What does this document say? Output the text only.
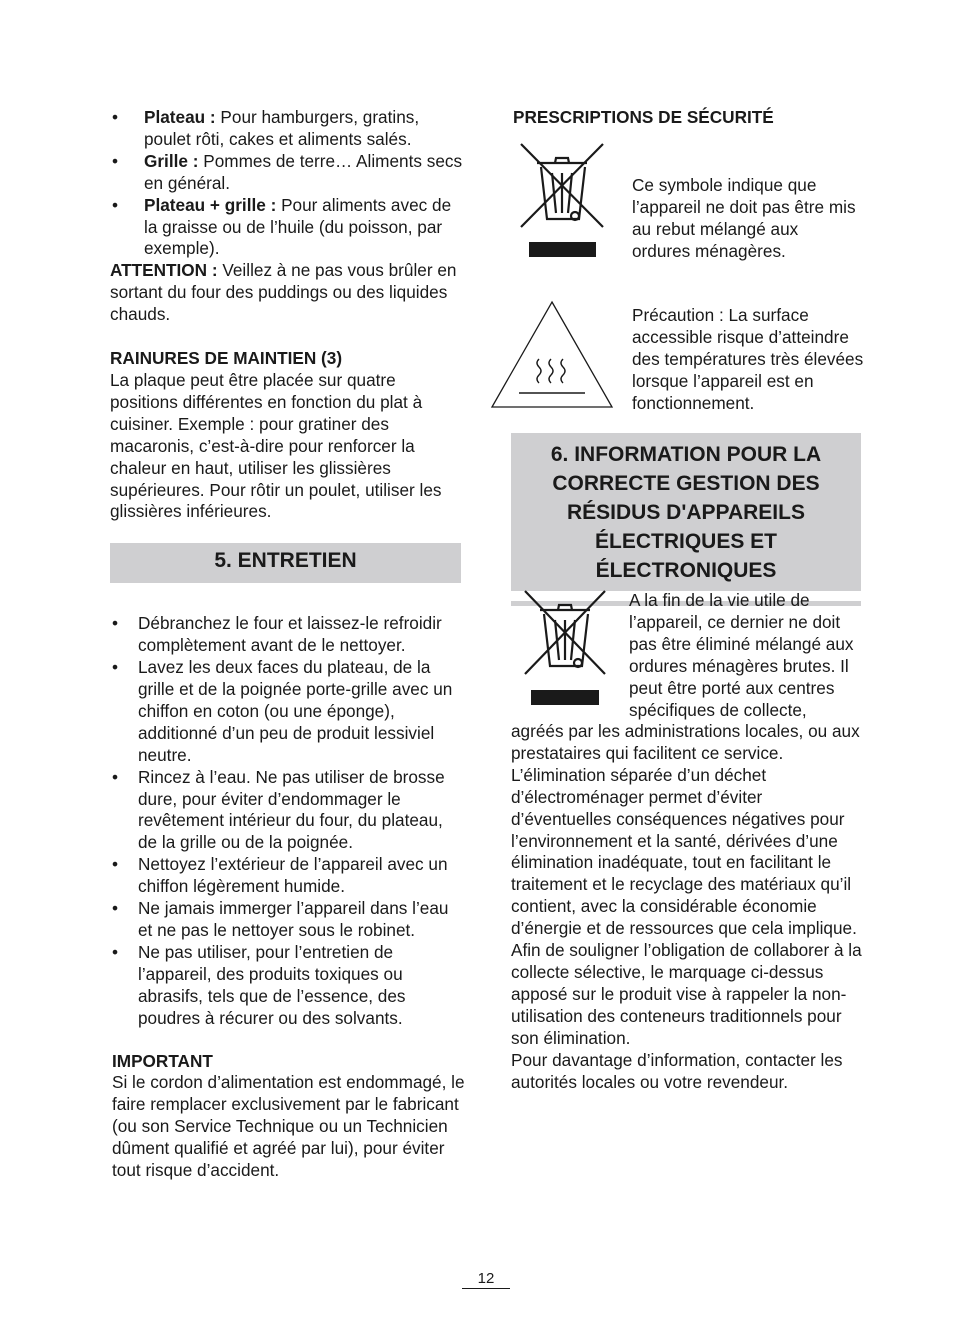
• Plateau : Pour hamburgers, gratins, poulet rôti, cakes et aliments salés.
• Grille : Pommes de terre… Aliments secs en général.
• Plateau + grille : Pour aliments avec de la graisse ou de l’huile (du poisson, par exemple).

ATTENTION : Veillez à ne pas vous brûler en sortant du four des puddings ou des liquides chauds.

RAINURES DE MAINTIEN (3)

La plaque peut être placée sur quatre positions différentes en fonction du plat à cuisiner. Exemple : pour gratiner des macaronis, c’est-à-dire pour renforcer la chaleur en haut, utiliser les glissières supérieures. Pour rôtir un poulet, utiliser les glissières inférieures.

5. ENTRETIEN
• Débranchez le four et laissez-le refroidir complètement avant de le nettoyer.
• Lavez les deux faces du plateau, de la grille et de la poignée porte-grille avec un chiffon en coton (ou une éponge), additionné d’un peu de produit lessiviel neutre.
• Rincez à l’eau. Ne pas utiliser de brosse dure, pour éviter d’endommager le revêtement intérieur du four, du plateau, de la grille ou de la poignée.
• Nettoyez l’extérieur de l’appareil avec un chiffon légèrement humide.
• Ne jamais immerger l’appareil dans l’eau et ne pas le nettoyer sous le robinet.
• Ne pas utiliser, pour l’entretien de l’appareil, des produits toxiques ou abrasifs, tels que de l’essence, des poudres à récurer ou des solvants.

IMPORTANT

Si le cordon d’alimentation est endommagé, le faire remplacer exclusivement par le fabricant (ou son Service Technique ou un Technicien dûment qualifié et agréé par lui), pour éviter tout risque d’accident.

PRESCRIPTIONS DE SÉCURITÉ

Ce symbole indique que l’appareil ne doit pas être mis au rebut mélangé aux ordures ménagères.

Précaution : La surface accessible risque d’atteindre des températures très élevées lorsque l’appareil est en fonctionnement.

6. INFORMATION POUR LA CORRECTE GESTION DES RÉSIDUS D'APPAREILS ÉLECTRIQUES ET ÉLECTRONIQUES

A la fin de la vie utile de l’appareil, ce dernier ne doit pas être éliminé mélangé aux ordures ménagères brutes. Il peut être porté aux centres spécifiques de collecte,

agréés par les administrations locales, ou aux prestataires qui facilitent ce service. L’élimination séparée d’un déchet d’électroménager permet d’éviter d’éventuelles conséquences négatives pour l’environnement et la santé, dérivées d’une élimination inadéquate, tout en facilitant le traitement et le recyclage des matériaux qu’il contient, avec la considérable économie d’énergie et de ressources que cela implique.

Afin de souligner l’obligation de collaborer à la collecte sélective, le marquage ci-dessus apposé sur le produit vise à rappeler la non-utilisation des conteneurs traditionnels pour son élimination.

Pour davantage d’information, contacter les autorités locales ou votre revendeur.

12
